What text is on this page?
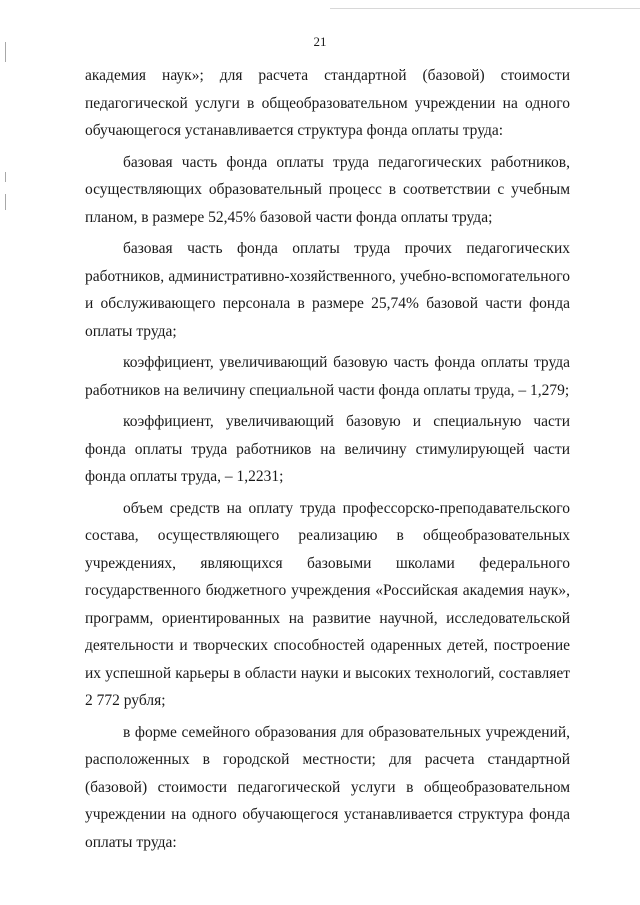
21

академия наук»; для расчета стандартной (базовой) стоимости педагогической услуги в общеобразовательном учреждении на одного обучающегося устанавливается структура фонда оплаты труда:

базовая часть фонда оплаты труда педагогических работников, осуществляющих образовательный процесс в соответствии с учебным планом, в размере 52,45% базовой части фонда оплаты труда;

базовая часть фонда оплаты труда прочих педагогических работников, административно-хозяйственного, учебно-вспомогательного и обслуживающего персонала в размере 25,74% базовой части фонда оплаты труда;

коэффициент, увеличивающий базовую часть фонда оплаты труда работников на величину специальной части фонда оплаты труда, – 1,279;

коэффициент, увеличивающий базовую и специальную части фонда оплаты труда работников на величину стимулирующей части фонда оплаты труда, – 1,2231;

объем средств на оплату труда профессорско-преподавательского состава, осуществляющего реализацию в общеобразовательных учреждениях, являющихся базовыми школами федерального государственного бюджетного учреждения «Российская академия наук», программ, ориентированных на развитие научной, исследовательской деятельности и творческих способностей одаренных детей, построение их успешной карьеры в области науки и высоких технологий, составляет 2 772 рубля;

в форме семейного образования для образовательных учреждений, расположенных в городской местности; для расчета стандартной (базовой) стоимости педагогической услуги в общеобразовательном учреждении на одного обучающегося устанавливается структура фонда оплаты труда:
